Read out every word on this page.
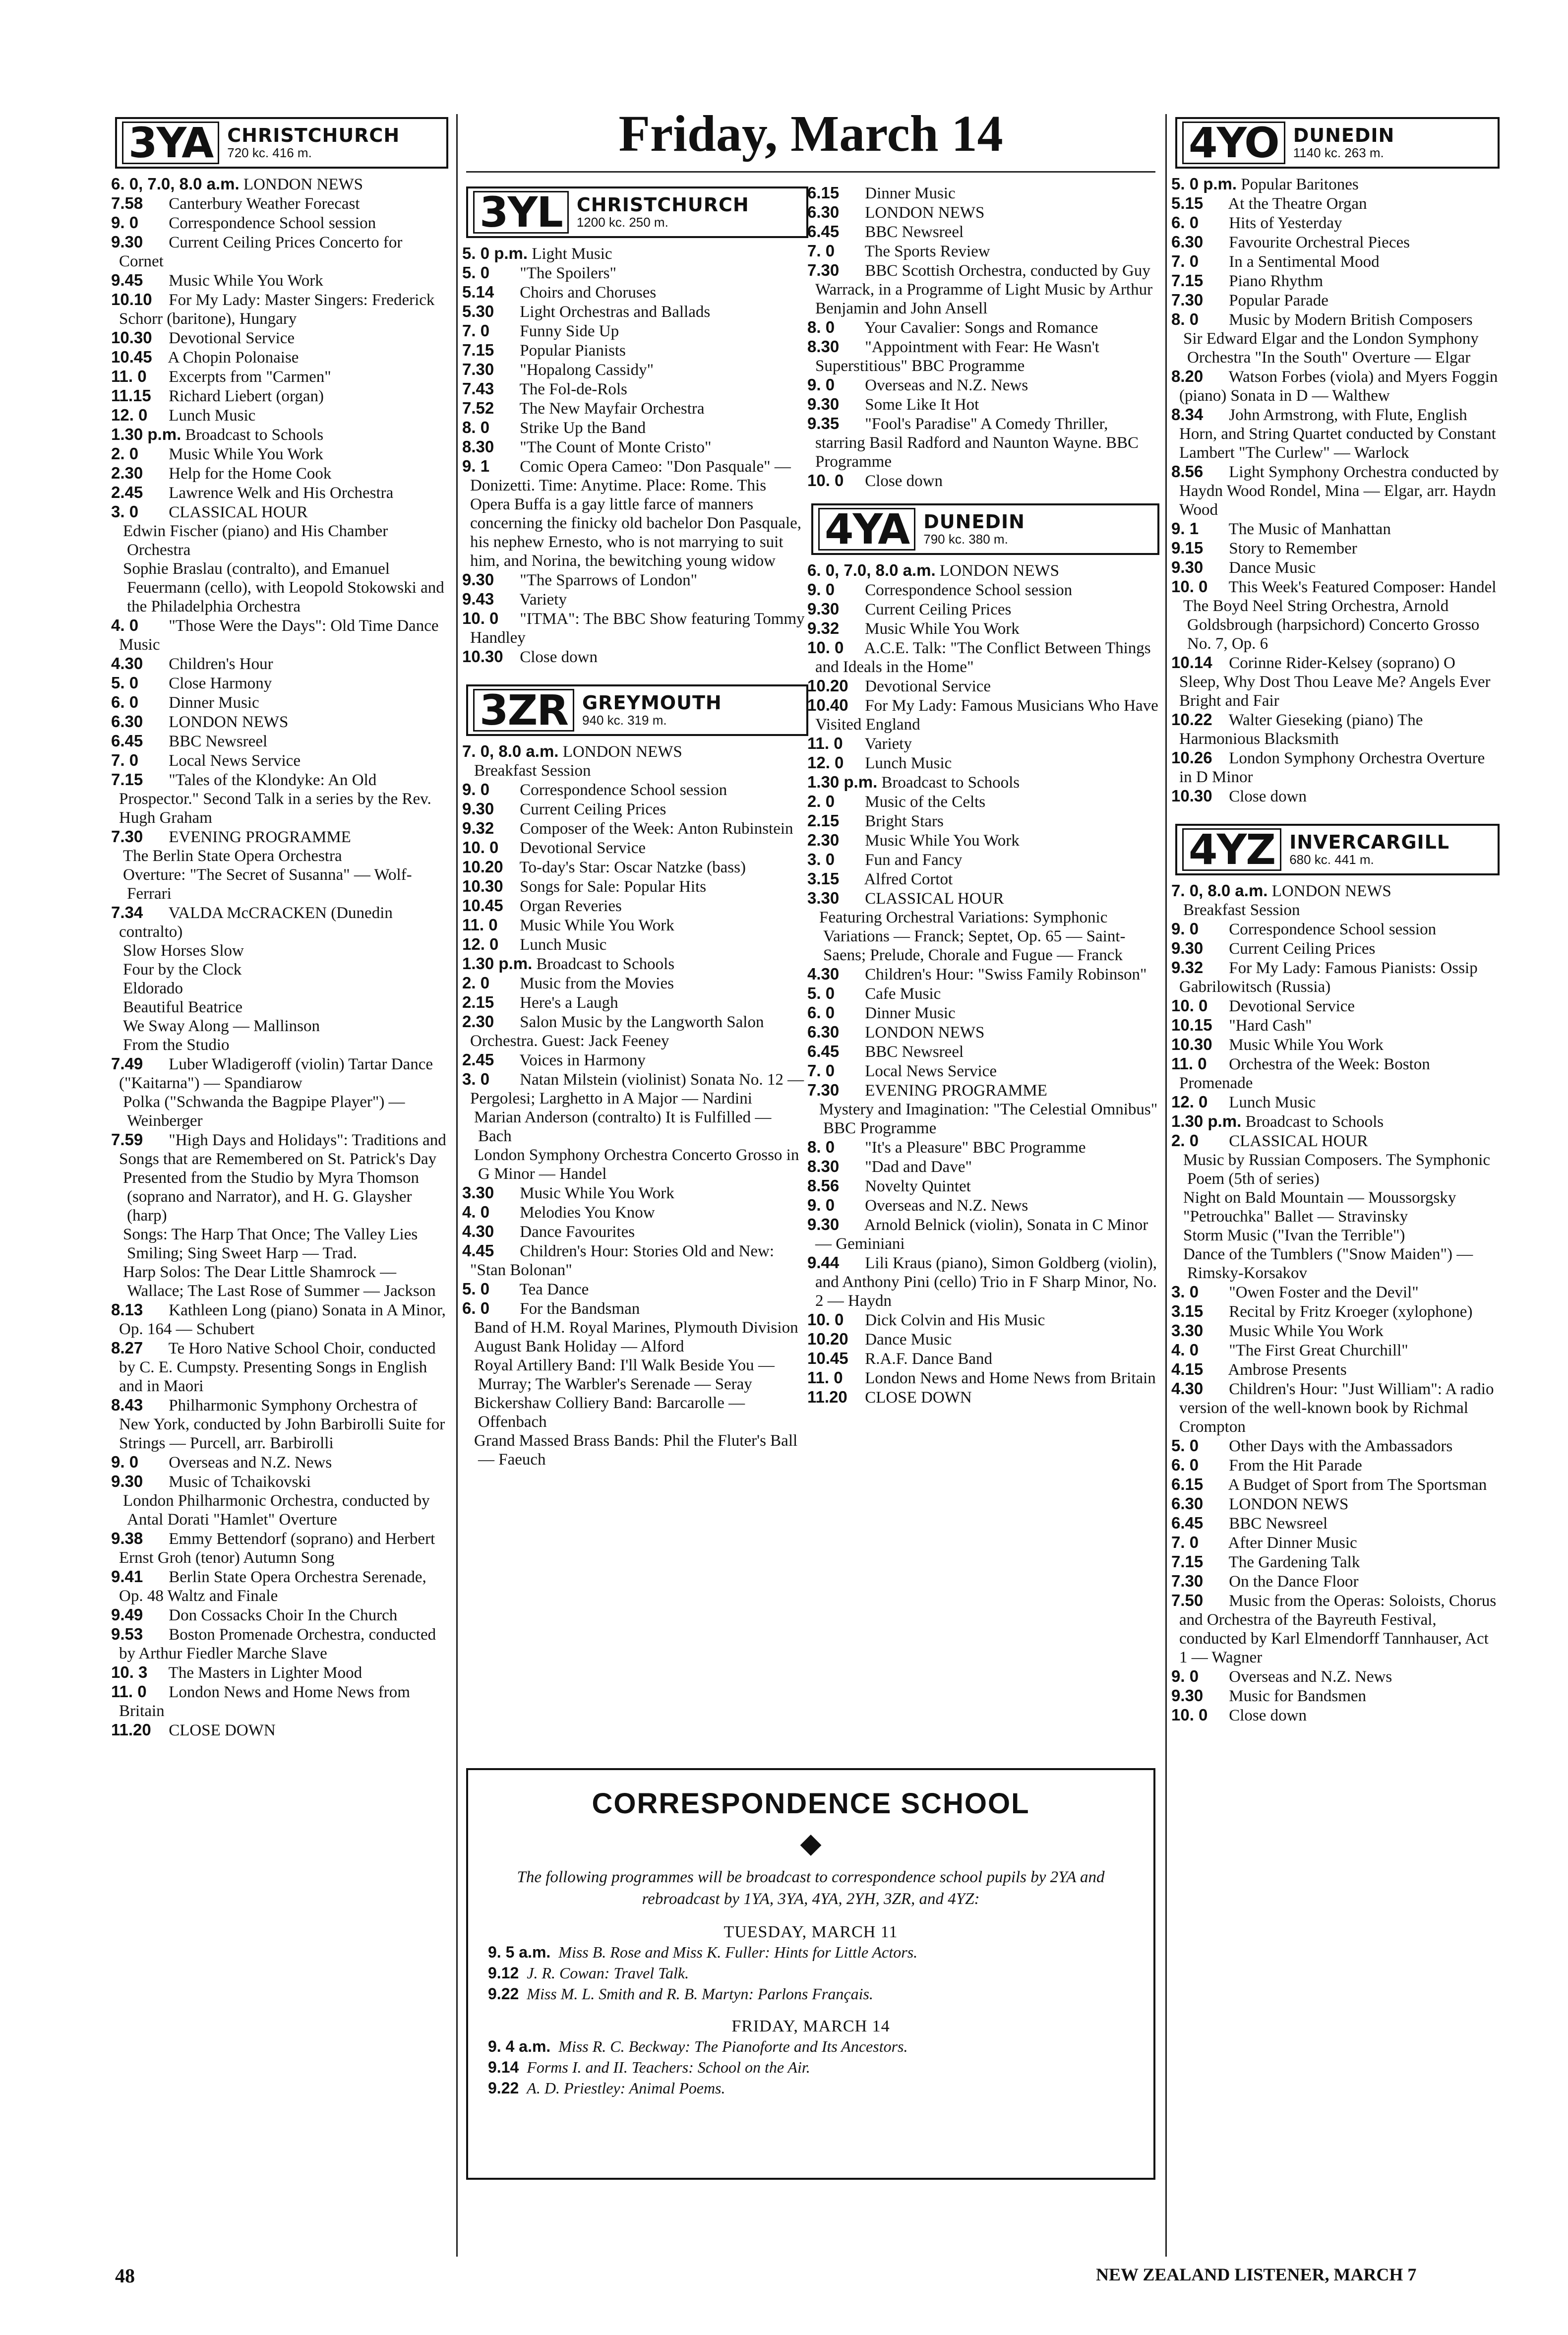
Friday, March 14
3YA CHRISTCHURCH
720 kc. 416 m.
6. 0, 7.0, 8.0 a.m. LONDON NEWS
7.58 Canterbury Weather Forecast
9. 0 Correspondence School session
9.30 Current Ceiling Prices Concerto for Cornet
9.45 Music While You Work
10.10 For My Lady: Master Singers: Frederick Schorr (baritone), Hungary
10.30 Devotional Service
10.45 A Chopin Polonaise
11. 0 Excerpts from "Carmen"
11.15 Richard Liebert (organ)
12. 0 Lunch Music
1.30 p.m. Broadcast to Schools
2. 0 Music While You Work
2.30 Help for the Home Cook
2.45 Lawrence Welk and His Orchestra
3. 0 CLASSICAL HOUR
Edwin Fischer (piano) and His Chamber Orchestra
Sophie Braslau (contralto), and Emanuel Feuermann (cello), with Leopold Stokowski and the Philadelphia Orchestra
4. 0 "Those Were the Days": Old Time Dance Music
4.30 Children's Hour
5. 0 Close Harmony
6. 0 Dinner Music
6.30 LONDON NEWS
6.45 BBC Newsreel
7. 0 Local News Service
7.15 "Tales of the Klondyke: An Old Prospector." Second Talk in a series by the Rev. Hugh Graham
7.30 EVENING PROGRAMME
The Berlin State Opera Orchestra
Overture: "The Secret of Susanna" — Wolf-Ferrari
7.34 VALDA McCRACKEN (Dunedin contralto)
Slow Horses Slow
Four by the Clock
Eldorado
Beautiful Beatrice
We Sway Along — Mallinson
From the Studio
7.49 Luber Wladigeroff (violin) Tartar Dance ("Kaitarna") — Spandiarow
Polka ("Schwanda the Bagpipe Player") — Weinberger
7.59 "High Days and Holidays": Traditions and Songs that are Remembered on St. Patrick's Day
Presented from the Studio by Myra Thomson (soprano and Narrator), and H. G. Glaysher (harp)
Songs: The Harp That Once; The Valley Lies Smiling; Sing Sweet Harp — Trad.
Harp Solos: The Dear Little Shamrock — Wallace; The Last Rose of Summer — Jackson
8.13 Kathleen Long (piano) Sonata in A Minor, Op. 164 — Schubert
8.27 Te Horo Native School Choir, conducted by C. E. Cumpsty. Presenting Songs in English and in Maori
8.43 Philharmonic Symphony Orchestra of New York, conducted by John Barbirolli Suite for Strings — Purcell, arr. Barbirolli
9. 0 Overseas and N.Z. News
9.30 Music of Tchaikovski
London Philharmonic Orchestra, conducted by Antal Dorati "Hamlet" Overture
9.38 Emmy Bettendorf (soprano) and Herbert Ernst Groh (tenor) Autumn Song
9.41 Berlin State Opera Orchestra Serenade, Op. 48 Waltz and Finale
9.49 Don Cossacks Choir In the Church
9.53 Boston Promenade Orchestra, conducted by Arthur Fiedler Marche Slave
10. 3 The Masters in Lighter Mood
11. 0 London News and Home News from Britain
11.20 CLOSE DOWN
3YL CHRISTCHURCH
1200 kc. 250 m.
5. 0 p.m. Light Music
5. 0 "The Spoilers"
5.14 Choirs and Choruses
5.30 Light Orchestras and Ballads
7. 0 Funny Side Up
7.15 Popular Pianists
7.30 "Hopalong Cassidy"
7.43 The Fol-de-Rols
7.52 The New Mayfair Orchestra
8. 0 Strike Up the Band
8.30 "The Count of Monte Cristo"
9. 1 Comic Opera Cameo: "Don Pasquale" — Donizetti. Time: Anytime. Place: Rome. This Opera Buffa is a gay little farce of manners concerning the finicky old bachelor Don Pasquale, his nephew Ernesto, who is not marrying to suit him, and Norina, the bewitching young widow
9.30 "The Sparrows of London"
9.43 Variety
10. 0 "ITMA": The BBC Show featuring Tommy Handley
10.30 Close down
3ZR GREYMOUTH
940 kc. 319 m.
7. 0, 8.0 a.m. LONDON NEWS
Breakfast Session
9. 0 Correspondence School session
9.30 Current Ceiling Prices
9.32 Composer of the Week: Anton Rubinstein
10. 0 Devotional Service
10.20 To-day's Star: Oscar Natzke (bass)
10.30 Songs for Sale: Popular Hits
10.45 Organ Reveries
11. 0 Music While You Work
12. 0 Lunch Music
1.30 p.m. Broadcast to Schools
2. 0 Music from the Movies
2.15 Here's a Laugh
2.30 Salon Music by the Langworth Salon Orchestra. Guest: Jack Feeney
2.45 Voices in Harmony
3. 0 Natan Milstein (violinist) Sonata No. 12 — Pergolesi; Larghetto in A Major — Nardini
Marian Anderson (contralto) It is Fulfilled — Bach
London Symphony Orchestra Concerto Grosso in G Minor — Handel
3.30 Music While You Work
4. 0 Melodies You Know
4.30 Dance Favourites
4.45 Children's Hour: Stories Old and New: "Stan Bolonan"
5. 0 Tea Dance
6. 0 For the Bandsman
Band of H.M. Royal Marines, Plymouth Division
August Bank Holiday — Alford
Royal Artillery Band: I'll Walk Beside You — Murray; The Warbler's Serenade — Seray
Bickershaw Colliery Band: Barcarolle — Offenbach
Grand Massed Brass Bands: Phil the Fluter's Ball — Faeuch
6.15 Dinner Music
6.30 LONDON NEWS
6.45 BBC Newsreel
7. 0 The Sports Review
7.30 BBC Scottish Orchestra, conducted by Guy Warrack, in a Programme of Light Music by Arthur Benjamin and John Ansell
8. 0 Your Cavalier: Songs and Romance
8.30 "Appointment with Fear: He Wasn't Superstitious" BBC Programme
9. 0 Overseas and N.Z. News
9.30 Some Like It Hot
9.35 "Fool's Paradise" A Comedy Thriller, starring Basil Radford and Naunton Wayne. BBC Programme
10. 0 Close down
4YA DUNEDIN
790 kc. 380 m.
6. 0, 7.0, 8.0 a.m. LONDON NEWS
9. 0 Correspondence School session
9.30 Current Ceiling Prices
9.32 Music While You Work
10. 0 A.C.E. Talk: "The Conflict Between Things and Ideals in the Home"
10.20 Devotional Service
10.40 For My Lady: Famous Musicians Who Have Visited England
11. 0 Variety
12. 0 Lunch Music
1.30 p.m. Broadcast to Schools
2. 0 Music of the Celts
2.15 Bright Stars
2.30 Music While You Work
3. 0 Fun and Fancy
3.15 Alfred Cortot
3.30 CLASSICAL HOUR
Featuring Orchestral Variations: Symphonic Variations — Franck; Septet, Op. 65 — Saint-Saens; Prelude, Chorale and Fugue — Franck
4.30 Children's Hour: "Swiss Family Robinson"
5. 0 Cafe Music
6. 0 Dinner Music
6.30 LONDON NEWS
6.45 BBC Newsreel
7. 0 Local News Service
7.30 EVENING PROGRAMME
Mystery and Imagination: "The Celestial Omnibus" BBC Programme
8. 0 "It's a Pleasure" BBC Programme
8.30 "Dad and Dave"
8.56 Novelty Quintet
9. 0 Overseas and N.Z. News
9.30 Arnold Belnick (violin), Sonata in C Minor — Geminiani
9.44 Lili Kraus (piano), Simon Goldberg (violin), and Anthony Pini (cello) Trio in F Sharp Minor, No. 2 — Haydn
10. 0 Dick Colvin and His Music
10.20 Dance Music
10.45 R.A.F. Dance Band
11. 0 London News and Home News from Britain
11.20 CLOSE DOWN
4YO DUNEDIN
1140 kc. 263 m.
5. 0 p.m. Popular Baritones
5.15 At the Theatre Organ
6. 0 Hits of Yesterday
6.30 Favourite Orchestral Pieces
7. 0 In a Sentimental Mood
7.15 Piano Rhythm
7.30 Popular Parade
8. 0 Music by Modern British Composers
Sir Edward Elgar and the London Symphony Orchestra "In the South" Overture — Elgar
8.20 Watson Forbes (viola) and Myers Foggin (piano) Sonata in D — Walthew
8.34 John Armstrong, with Flute, English Horn, and String Quartet conducted by Constant Lambert "The Curlew" — Warlock
8.56 Light Symphony Orchestra conducted by Haydn Wood Rondel, Mina — Elgar, arr. Haydn Wood
9. 1 The Music of Manhattan
9.15 Story to Remember
9.30 Dance Music
10. 0 This Week's Featured Composer: Handel
The Boyd Neel String Orchestra, Arnold Goldsbrough (harpsichord) Concerto Grosso No. 7, Op. 6
10.14 Corinne Rider-Kelsey (soprano) O Sleep, Why Dost Thou Leave Me? Angels Ever Bright and Fair
10.22 Walter Gieseking (piano) The Harmonious Blacksmith
10.26 London Symphony Orchestra Overture in D Minor
10.30 Close down
4YZ INVERCARGILL
680 kc. 441 m.
7. 0, 8.0 a.m. LONDON NEWS
Breakfast Session
9. 0 Correspondence School session
9.30 Current Ceiling Prices
9.32 For My Lady: Famous Pianists: Ossip Gabrilowitsch (Russia)
10. 0 Devotional Service
10.15 "Hard Cash"
10.30 Music While You Work
11. 0 Orchestra of the Week: Boston Promenade
12. 0 Lunch Music
1.30 p.m. Broadcast to Schools
2. 0 CLASSICAL HOUR
Music by Russian Composers. The Symphonic Poem (5th of series)
Night on Bald Mountain — Moussorgsky
"Petrouchka" Ballet — Stravinsky
Storm Music ("Ivan the Terrible")
Dance of the Tumblers ("Snow Maiden") — Rimsky-Korsakov
3. 0 "Owen Foster and the Devil"
3.15 Recital by Fritz Kroeger (xylophone)
3.30 Music While You Work
4. 0 "The First Great Churchill"
4.15 Ambrose Presents
4.30 Children's Hour: "Just William": A radio version of the well-known book by Richmal Crompton
5. 0 Other Days with the Ambassadors
6. 0 From the Hit Parade
6.15 A Budget of Sport from The Sportsman
6.30 LONDON NEWS
6.45 BBC Newsreel
7. 0 After Dinner Music
7.15 The Gardening Talk
7.30 On the Dance Floor
7.50 Music from the Operas: Soloists, Chorus and Orchestra of the Bayreuth Festival, conducted by Karl Elmendorff Tannhauser, Act 1 — Wagner
9. 0 Overseas and N.Z. News
9.30 Music for Bandsmen
10. 0 Close down
CORRESPONDENCE SCHOOL
◆
The following programmes will be broadcast to correspondence school pupils by 2YA and rebroadcast by 1YA, 3YA, 4YA, 2YH, 3ZR, and 4YZ:
TUESDAY, MARCH 11
9. 5 a.m. Miss B. Rose and Miss K. Fuller: Hints for Little Actors.
9.12 J. R. Cowan: Travel Talk.
9.22 Miss M. L. Smith and R. B. Martyn: Parlons Français.
FRIDAY, MARCH 14
9. 4 a.m. Miss R. C. Beckway: The Pianoforte and Its Ancestors.
9.14 Forms I. and II. Teachers: School on the Air.
9.22 A. D. Priestley: Animal Poems.
48	NEW ZEALAND LISTENER, MARCH 7
